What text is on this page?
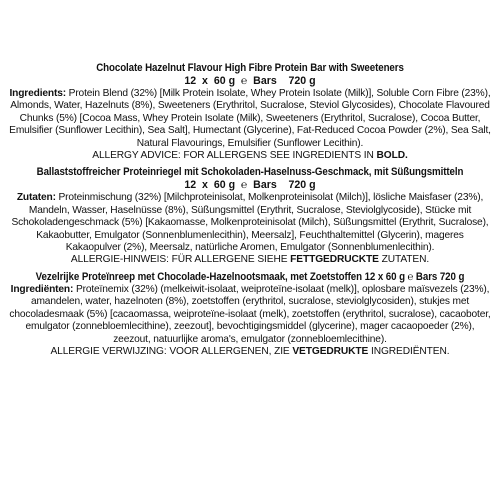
Chocolate Hazelnut Flavour High Fibre Protein Bar with Sweeteners
12  x  60 g  ℮  Bars    720 g
Ingredients: Protein Blend (32%) [Milk Protein Isolate, Whey Protein Isolate (Milk)], Soluble Corn Fibre (23%), Almonds, Water, Hazelnuts (8%), Sweeteners (Erythritol, Sucralose, Steviol Glycosides), Chocolate Flavoured Chunks (5%) [Cocoa Mass, Whey Protein Isolate (Milk), Sweeteners (Erythritol, Sucralose), Cocoa Butter, Emulsifier (Sunflower Lecithin), Sea Salt], Humectant (Glycerine), Fat-Reduced Cocoa Powder (2%), Sea Salt, Natural Flavourings, Emulsifier (Sunflower Lecithin).
ALLERGY ADVICE: FOR ALLERGENS SEE INGREDIENTS IN BOLD.
Ballaststoffreicher Proteinriegel mit Schokoladen-Haselnuss-Geschmack, mit Süßungsmitteln
12  x  60 g  ℮  Bars    720 g
Zutaten: Proteinmischung (32%) [Milchproteinisolat, Molkenproteinisolat (Milch)], lösliche Maisfaser (23%), Mandeln, Wasser, Haselnüsse (8%), Süßungsmittel (Erythrit, Sucralose, Steviolglycoside), Stücke mit Schokoladengeschmack (5%) [Kakaomasse, Molkenproteinisolat (Milch), Süßungsmittel (Erythrit, Sucralose), Kakaobutter, Emulgator (Sonnenblumenlecithin), Meersalz], Feuchthaltemittel (Glycerin), mageres Kakaopulver (2%), Meersalz, natürliche Aromen, Emulgator (Sonnenblumenlecithin).
ALLERGIE-HINWEIS: FÜR ALLERGENE SIEHE FETTGEDRUCKTE ZUTATEN.
Vezelrijke Proteïnreep met Chocolade-Hazelnootsmaak, met Zoetstoffen 12 x 60 g ℮ Bars 720 g
Ingrediënten: Proteïnemix (32%) (melkeiwit-isolaat, weiproteïne-isolaat (melk)], oplosbare maïsvezels (23%), amandelen, water, hazelnoten (8%), zoetstoffen (erythritol, sucralose, steviolglycosiden), stukjes met chocoladesmaak (5%) [cacaomassa, weiproteïne-isolaat (melk), zoetstoffen (erythritol, sucralose), cacaoboter, emulgator (zonnebloemlecithine), zeezout], bevochtigingsmiddel (glycerine), mager cacaopoeder (2%), zeezout, natuurlijke aroma's, emulgator (zonnebloemlecithine).
ALLERGIE VERWIJZING: VOOR ALLERGENEN, ZIE VETGEDRUKTE INGREDIËNTEN.
